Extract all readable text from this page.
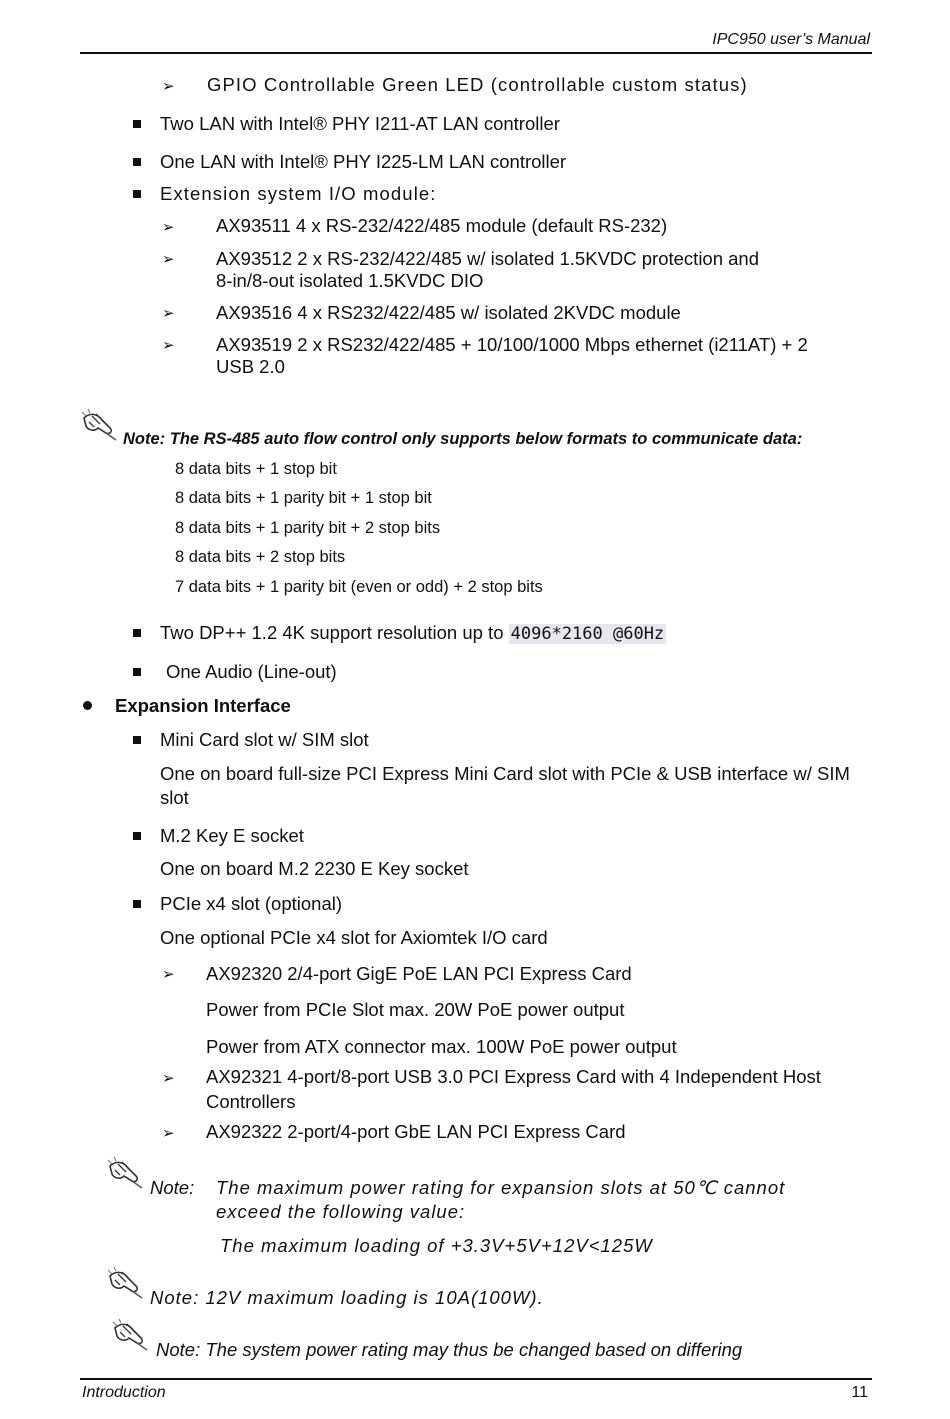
IPC950 user’s Manual
➢ GPIO Controllable Green LED (controllable custom status)
Two LAN with Intel® PHY I211-AT LAN controller
One LAN with Intel® PHY I225-LM LAN controller
Extension system I/O module:
➢ AX93511 4 x RS-232/422/485 module (default RS-232)
➢ AX93512 2 x RS-232/422/485 w/ isolated 1.5KVDC protection and
8-in/8-out isolated 1.5KVDC DIO
➢ AX93516 4 x RS232/422/485 w/ isolated 2KVDC module
➢ AX93519 2 x RS232/422/485 + 10/100/1000 Mbps ethernet (i211AT) + 2
USB 2.0
Note: The RS-485 auto flow control only supports below formats to communicate data:
8 data bits + 1 stop bit
8 data bits + 1 parity bit + 1 stop bit
8 data bits + 1 parity bit + 2 stop bits
8 data bits + 2 stop bits
7 data bits + 1 parity bit (even or odd) + 2 stop bits
Two DP++ 1.2 4K support resolution up to 4096*2160 @60Hz
One Audio (Line-out)
Expansion Interface
Mini Card slot w/ SIM slot
One on board full-size PCI Express Mini Card slot with PCIe & USB interface w/ SIM
slot
M.2 Key E socket
One on board M.2 2230 E Key socket
PCIe x4 slot (optional)
One optional PCIe x4 slot for Axiomtek I/O card
➢ AX92320 2/4-port GigE PoE LAN PCI Express Card
Power from PCIe Slot max. 20W PoE power output
Power from ATX connector max. 100W PoE power output
➢ AX92321 4-port/8-port USB 3.0 PCI Express Card with 4 Independent Host
Controllers
➢ AX92322 2-port/4-port GbE LAN PCI Express Card
Note: The maximum power rating for expansion slots at 50℃ cannot
exceed the following value:
The maximum loading of +3.3V+5V+12V<125W
Note: 12V maximum loading is 10A(100W).
Note: The system power rating may thus be changed based on differing
Introduction	11
